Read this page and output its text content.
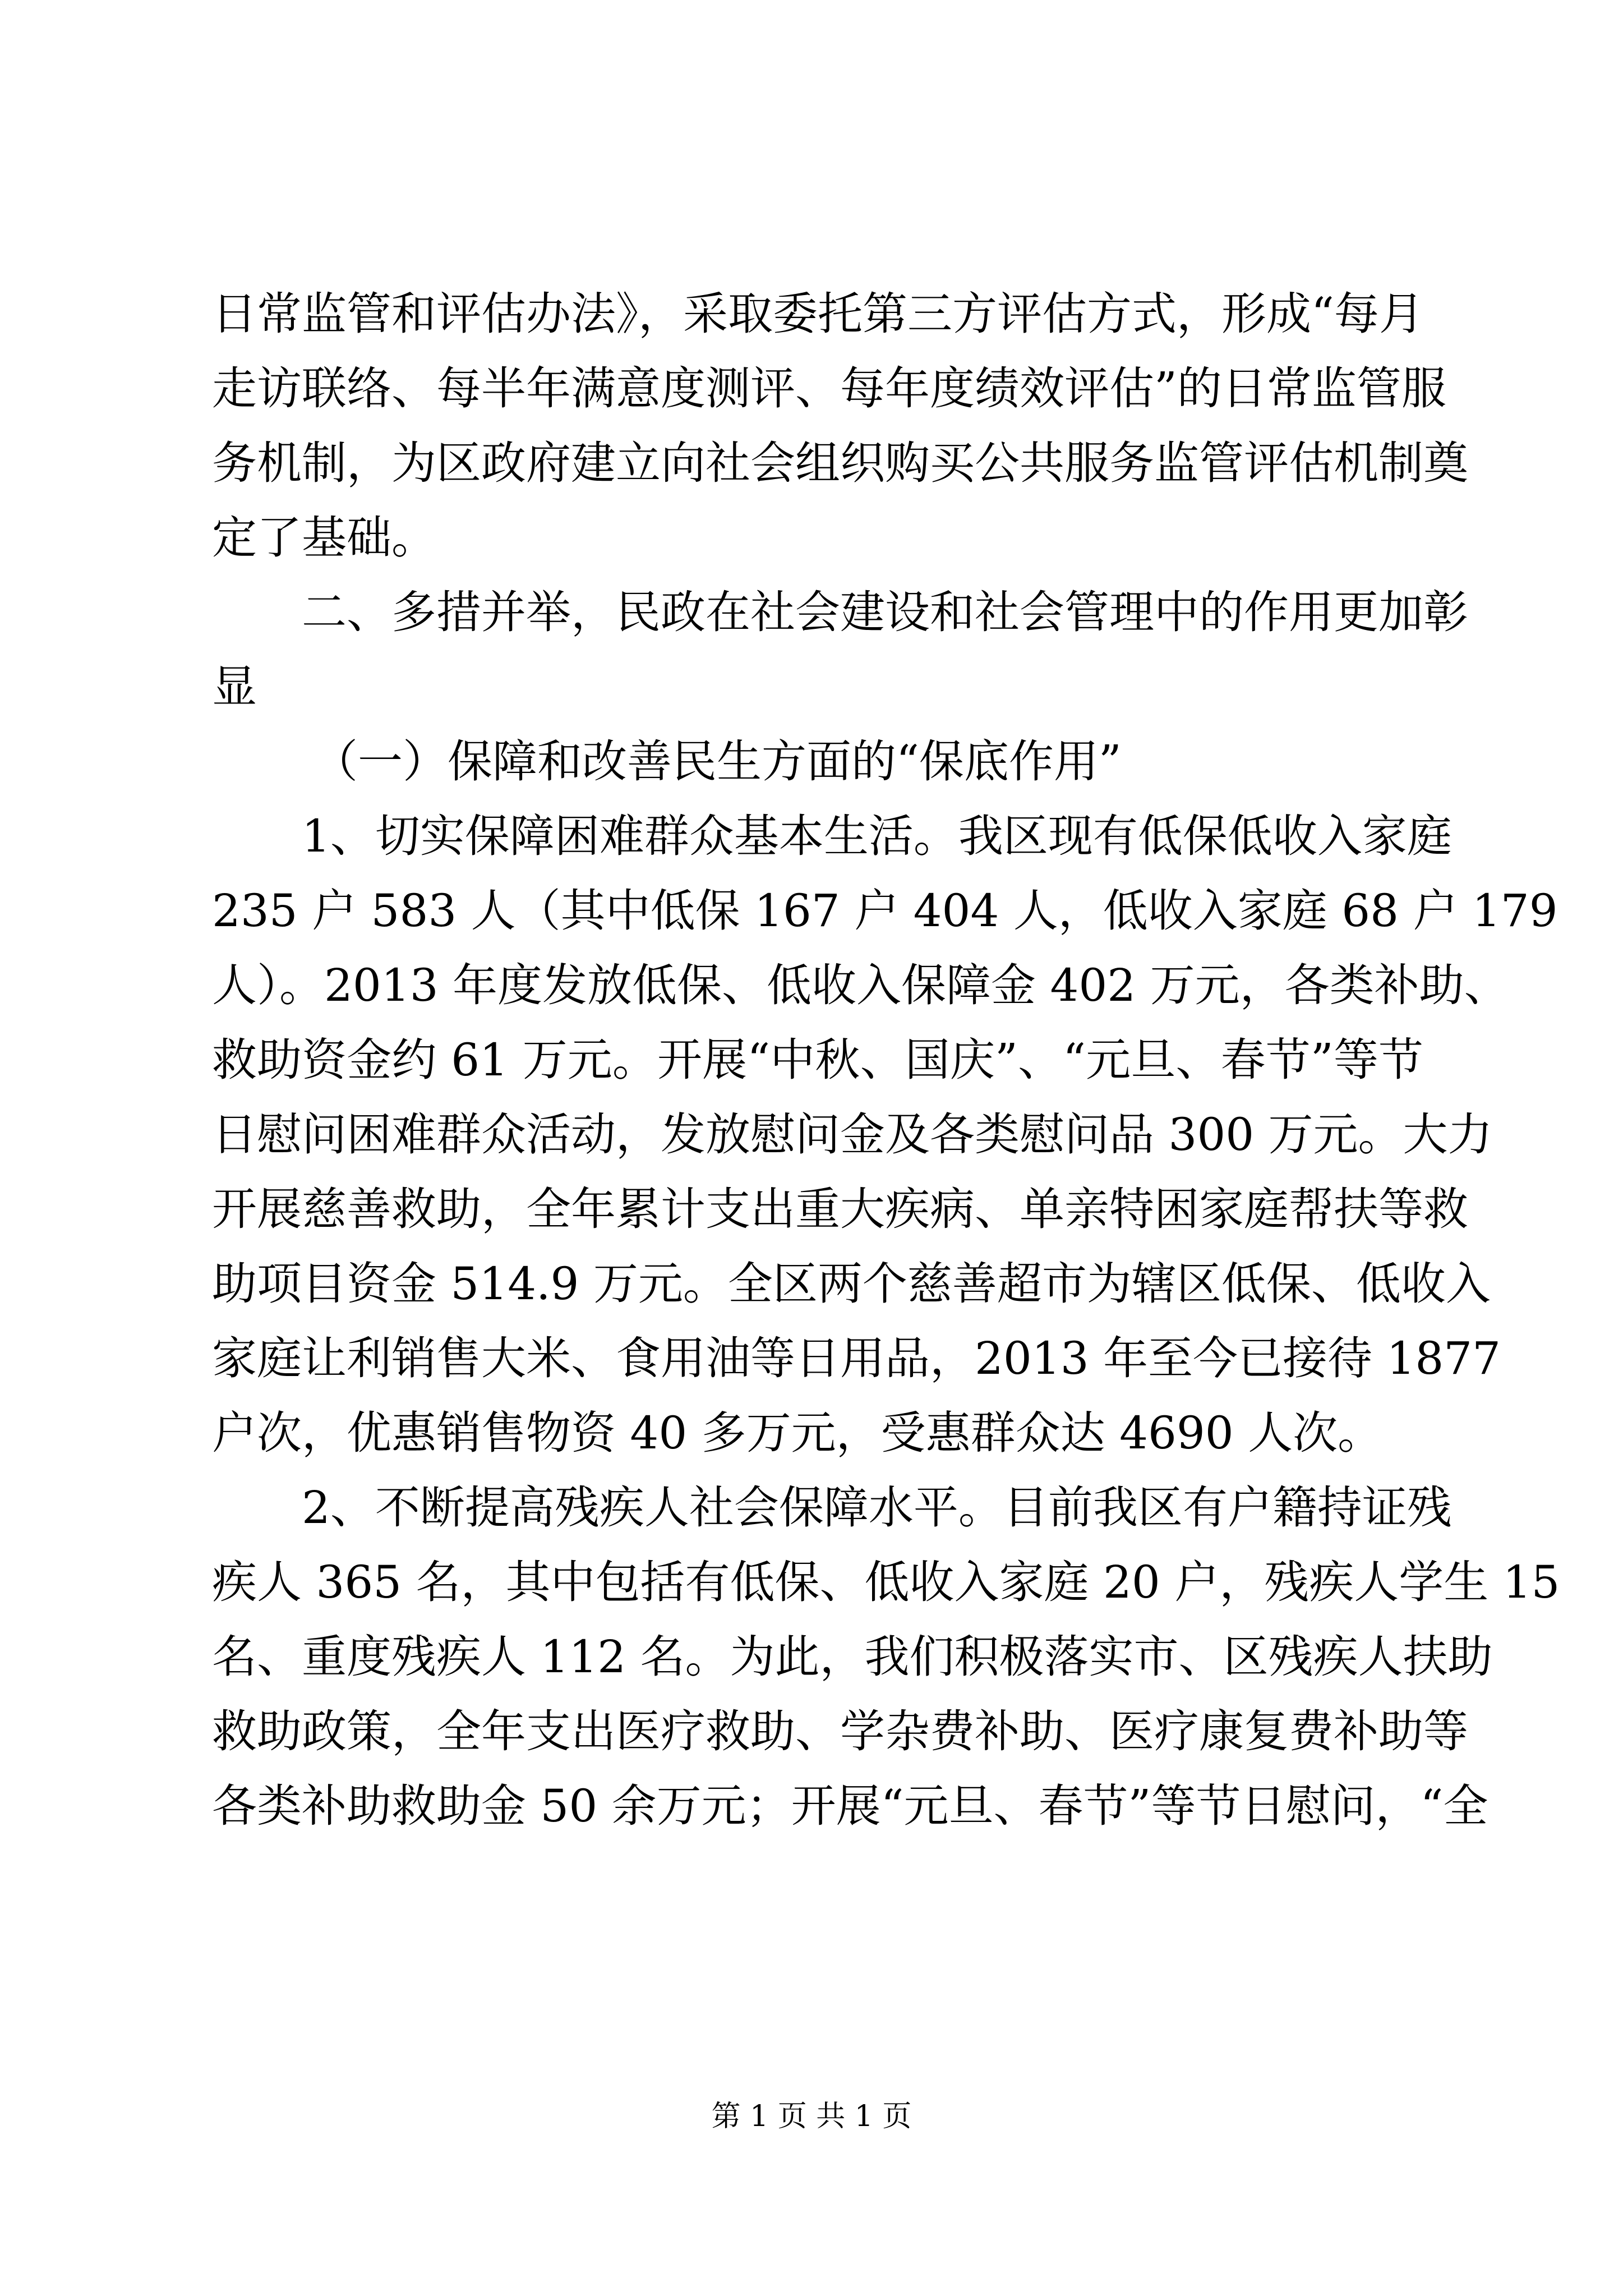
日常监管和评估办法》，采取委托第三方评估方式，形成“每月
走访联络、每半年满意度测评、每年度绩效评估”的日常监管服
务机制，为区政府建立向社会组织购买公共服务监管评估机制奠
定了基础。
二、多措并举，民政在社会建设和社会管理中的作用更加彰
显
（一）保障和改善民生方面的“保底作用”
1、切实保障困难群众基本生活。我区现有低保低收入家庭
235 户 583 人（其中低保 167 户 404 人，低收入家庭 68 户 179
人）。2013 年度发放低保、低收入保障金 402 万元，各类补助、
救助资金约 61 万元。开展“中秋、国庆”、“元旦、春节”等节
日慰问困难群众活动，发放慰问金及各类慰问品 300 万元。大力
开展慈善救助，全年累计支出重大疾病、单亲特困家庭帮扶等救
助项目资金 514.9 万元。全区两个慈善超市为辖区低保、低收入
家庭让利销售大米、食用油等日用品，2013 年至今已接待 1877
户次，优惠销售物资 40 多万元，受惠群众达 4690 人次。
2、不断提高残疾人社会保障水平。目前我区有户籍持证残
疾人 365 名，其中包括有低保、低收入家庭 20 户，残疾人学生 15
名、重度残疾人 112 名。为此，我们积极落实市、区残疾人扶助
救助政策，全年支出医疗救助、学杂费补助、医疗康复费补助等
各类补助救助金 50 余万元；开展“元旦、春节”等节日慰问，“全
第 1 页 共 1 页
